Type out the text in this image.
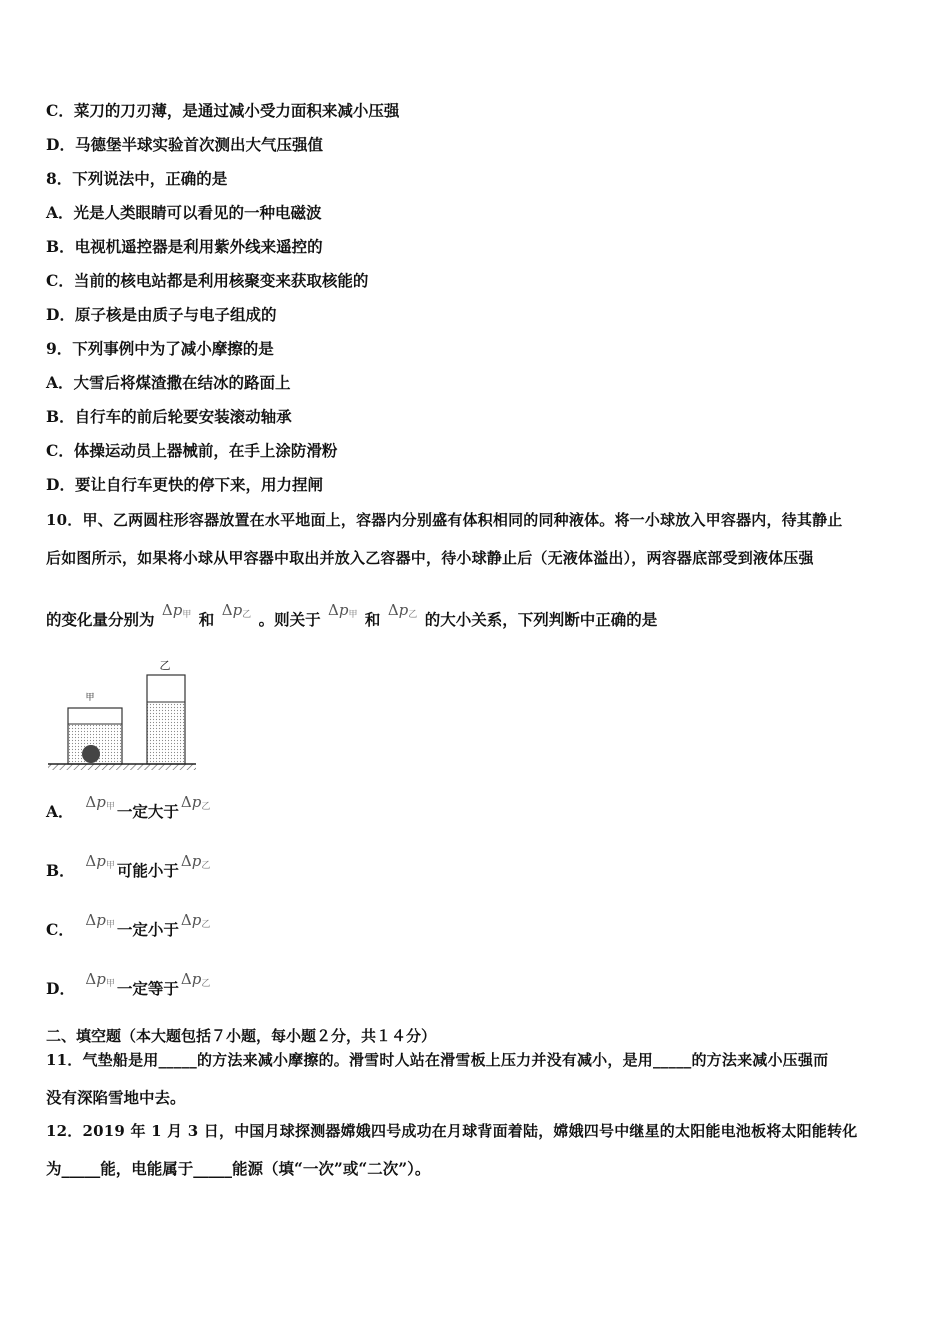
C．菜刀的刀刃薄，是通过减小受力面积来减小压强
D．马德堡半球实验首次测出大气压强值
8．下列说法中，正确的是
A．光是人类眼睛可以看见的一种电磁波
B．电视机遥控器是利用紫外线来遥控的
C．当前的核电站都是利用核聚变来获取核能的
D．原子核是由质子与电子组成的
9．下列事例中为了减小摩擦的是
A．大雪后将煤渣撒在结冰的路面上
B．自行车的前后轮要安装滚动轴承
C．体操运动员上器械前，在手上涂防滑粉
D．要让自行车更快的停下来，用力捏闸
10．甲、乙两圆柱形容器放置在水平地面上，容器内分别盛有体积相同的同种液体。将一小球放入甲容器内，待其静止
后如图所示，如果将小球从甲容器中取出并放入乙容器中，待小球静止后（无液体溢出），两容器底部受到液体压强
的变化量分别为 $\Delta p_甲$ 和 $\Delta p_乙$ 。则关于 $\Delta p_甲$ 和 $\Delta p_乙$ 的大小关系，下列判断中正确的是
甲
乙
A． $\Delta p_甲$ 一定大于 $\Delta p_乙$
B． $\Delta p_甲$ 可能小于 $\Delta p_乙$
C． $\Delta p_甲$ 一定小于 $\Delta p_乙$
D． $\Delta p_甲$ 一定等于 $\Delta p_乙$
二、填空题（本大题包括７小题，每小题２分，共１４分）
11．气垫船是用_____的方法来减小摩擦的。滑雪时人站在滑雪板上压力并没有减小，是用_____的方法来减小压强而
没有深陷雪地中去。
12．2019 年 1 月 3 日，中国月球探测器嫦娥四号成功在月球背面着陆，嫦娥四号中继星的太阳能电池板将太阳能转化
为_____能，电能属于_____能源（填“一次”或“二次”）。
